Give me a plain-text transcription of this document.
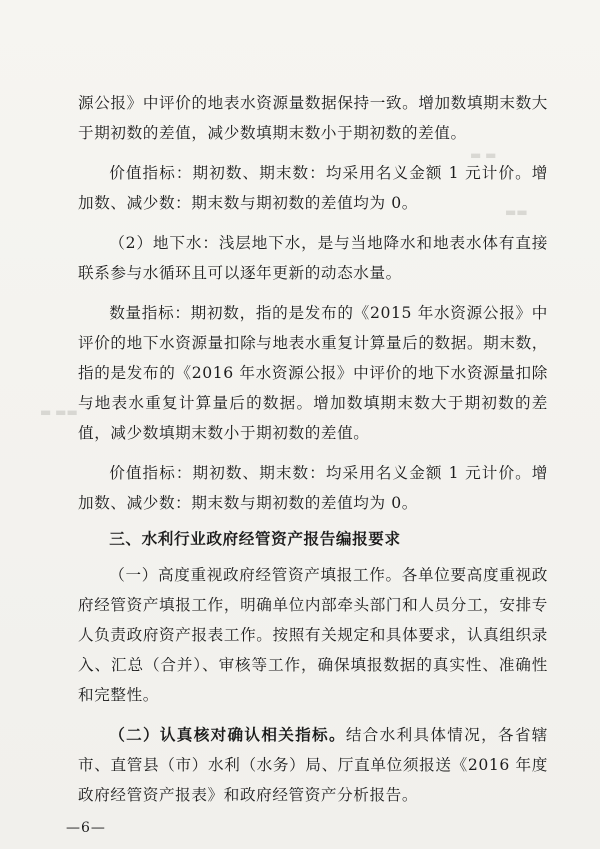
源公报》中评价的地表水资源量数据保持一致。增加数填期末数大于期初数的差值，减少数填期末数小于期初数的差值。

价值指标：期初数、期末数：均采用名义金额 1 元计价。增加数、减少数：期末数与期初数的差值均为 0。

（2）地下水：浅层地下水，是与当地降水和地表水体有直接联系参与水循环且可以逐年更新的动态水量。

数量指标：期初数，指的是发布的《2015 年水资源公报》中评价的地下水资源量扣除与地表水重复计算量后的数据。期末数，指的是发布的《2016 年水资源公报》中评价的地下水资源量扣除与地表水重复计算量后的数据。增加数填期末数大于期初数的差值，减少数填期末数小于期初数的差值。

价值指标：期初数、期末数：均采用名义金额 1 元计价。增加数、减少数：期末数与期初数的差值均为 0。

三、水利行业政府经管资产报告编报要求

（一）高度重视政府经管资产填报工作。各单位要高度重视政府经管资产填报工作，明确单位内部牵头部门和人员分工，安排专人负责政府资产报表工作。按照有关规定和具体要求，认真组织录入、汇总（合并）、审核等工作，确保填报数据的真实性、准确性和完整性。

（二）认真核对确认相关指标。结合水利具体情况，各省辖市、直管县（市）水利（水务）局、厅直单位须报送《2016 年度政府经管资产报表》和政府经管资产分析报告。

—6—
▬ ▬
▬▬
▬ ▬▬
